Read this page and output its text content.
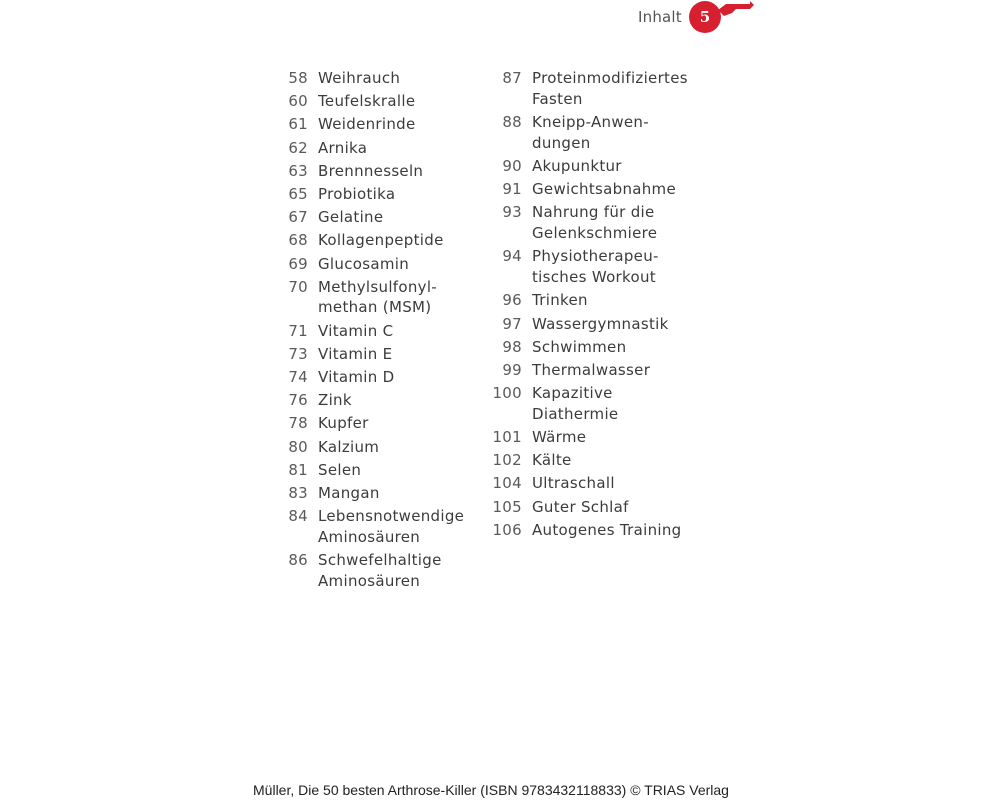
Inhalt	5
58 Weihrauch
60 Teufelskralle
61 Weidenrinde
62 Arnika
63 Brennnesseln
65 Probiotika
67 Gelatine
68 Kollagenpeptide
69 Glucosamin
70 Methylsulfonyl-
methan (MSM)
71 Vitamin C
73 Vitamin E
74 Vitamin D
76 Zink
78 Kupfer
80 Kalzium
81 Selen
83 Mangan
84 Lebensnotwendige
Aminosäuren
86 Schwefelhaltige
Aminosäuren
87 Proteinmodifiziertes
Fasten
88 Kneipp-Anwen-
dungen
90 Akupunktur
91 Gewichtsabnahme
93 Nahrung für die
Gelenkschmiere
94 Physiotherapeu-
tisches Workout
96 Trinken
97 Wassergymnastik
98 Schwimmen
99 Thermalwasser
100 Kapazitive
Diathermie
101 Wärme
102 Kälte
104 Ultraschall
105 Guter Schlaf
106 Autogenes Training
Müller, Die 50 besten Arthrose-Killer (ISBN 9783432118833) © TRIAS Verlag
